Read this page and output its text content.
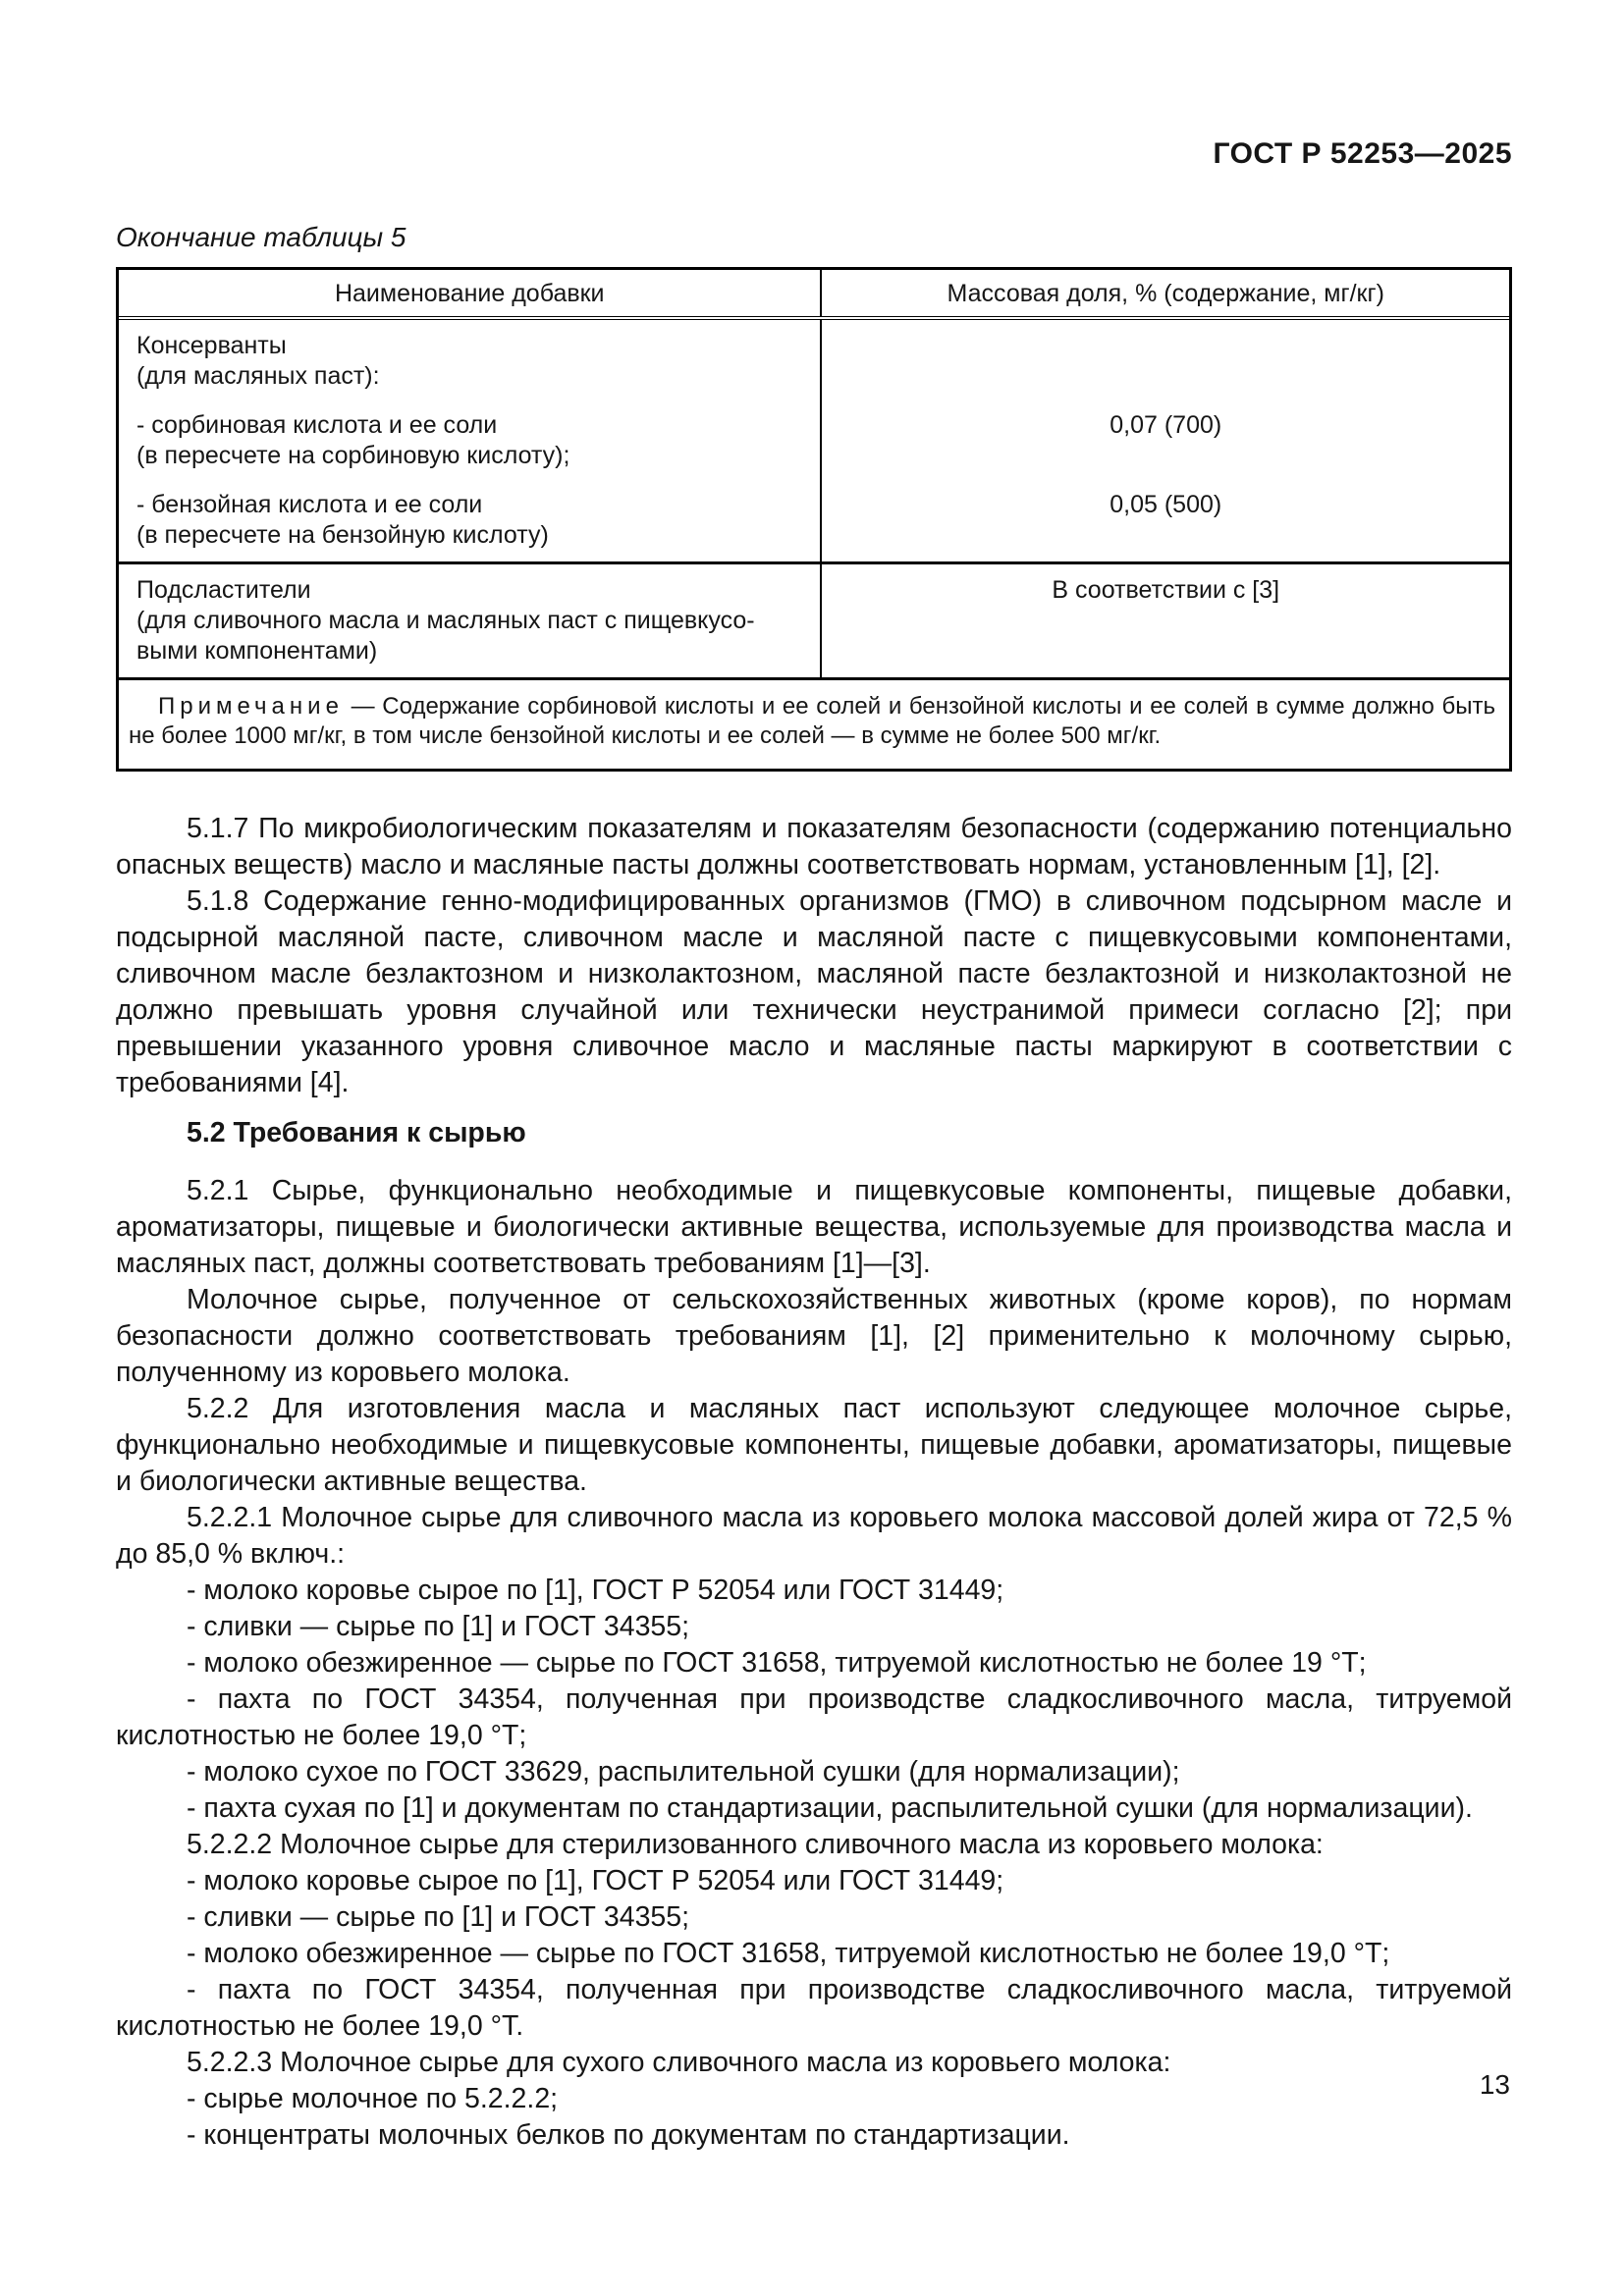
ГОСТ Р 52253—2025
Окончание таблицы 5
Наименование добавки	Массовая доля, % (содержание, мг/кг)
Консерванты
(для масляных паст):
- сорбиновая кислота и ее соли	0,07 (700)
(в пересчете на сорбиновую кислоту);
- бензойная кислота и ее соли	0,05 (500)
(в пересчете на бензойную кислоту)
Подсластители	В соответствии с [3]
(для сливочного масла и масляных паст с пищевкусо-
выми компонентами)
Примечание — Содержание сорбиновой кислоты и ее солей и бензойной кислоты и ее солей в сумме должно быть не более 1000 мг/кг, в том числе бензойной кислоты и ее солей — в сумме не более 500 мг/кг.

5.1.7 По микробиологическим показателям и показателям безопасности (содержанию потенциально опасных веществ) масло и масляные пасты должны соответствовать нормам, установленным [1], [2].

5.1.8 Содержание генно-модифицированных организмов (ГМО) в сливочном подсырном масле и подсырной масляной пасте, сливочном масле и масляной пасте с пищевкусовыми компонентами, сливочном масле безлактозном и низколактозном, масляной пасте безлактозной и низколактозной не должно превышать уровня случайной или технически неустранимой примеси согласно [2]; при превышении указанного уровня сливочное масло и масляные пасты маркируют в соответствии с требованиями [4].

5.2 Требования к сырью

5.2.1 Сырье, функционально необходимые и пищевкусовые компоненты, пищевые добавки, ароматизаторы, пищевые и биологически активные вещества, используемые для производства масла и масляных паст, должны соответствовать требованиям [1]—[3].

Молочное сырье, полученное от сельскохозяйственных животных (кроме коров), по нормам безопасности должно соответствовать требованиям [1], [2] применительно к молочному сырью, полученному из коровьего молока.

5.2.2 Для изготовления масла и масляных паст используют следующее молочное сырье, функционально необходимые и пищевкусовые компоненты, пищевые добавки, ароматизаторы, пищевые и биологически активные вещества.

5.2.2.1 Молочное сырье для сливочного масла из коровьего молока массовой долей жира от 72,5 % до 85,0 % включ.:

- молоко коровье сырое по [1], ГОСТ Р 52054 или ГОСТ 31449;

- сливки — сырье по [1] и ГОСТ 34355;

- молоко обезжиренное — сырье по ГОСТ 31658, титруемой кислотностью не более 19 °Т;

- пахта по ГОСТ 34354, полученная при производстве сладкосливочного масла, титруемой кислотностью не более 19,0 °Т;

- молоко сухое по ГОСТ 33629, распылительной сушки (для нормализации);

- пахта сухая по [1] и документам по стандартизации, распылительной сушки (для нормализации).

5.2.2.2 Молочное сырье для стерилизованного сливочного масла из коровьего молока:

- молоко коровье сырое по [1], ГОСТ Р 52054 или ГОСТ 31449;

- сливки — сырье по [1] и ГОСТ 34355;

- молоко обезжиренное — сырье по ГОСТ 31658, титруемой кислотностью не более 19,0 °Т;

- пахта по ГОСТ 34354, полученная при производстве сладкосливочного масла, титруемой кислотностью не более 19,0 °Т.

5.2.2.3 Молочное сырье для сухого сливочного масла из коровьего молока:

- сырье молочное по 5.2.2.2;

- концентраты молочных белков по документам по стандартизации.

13
